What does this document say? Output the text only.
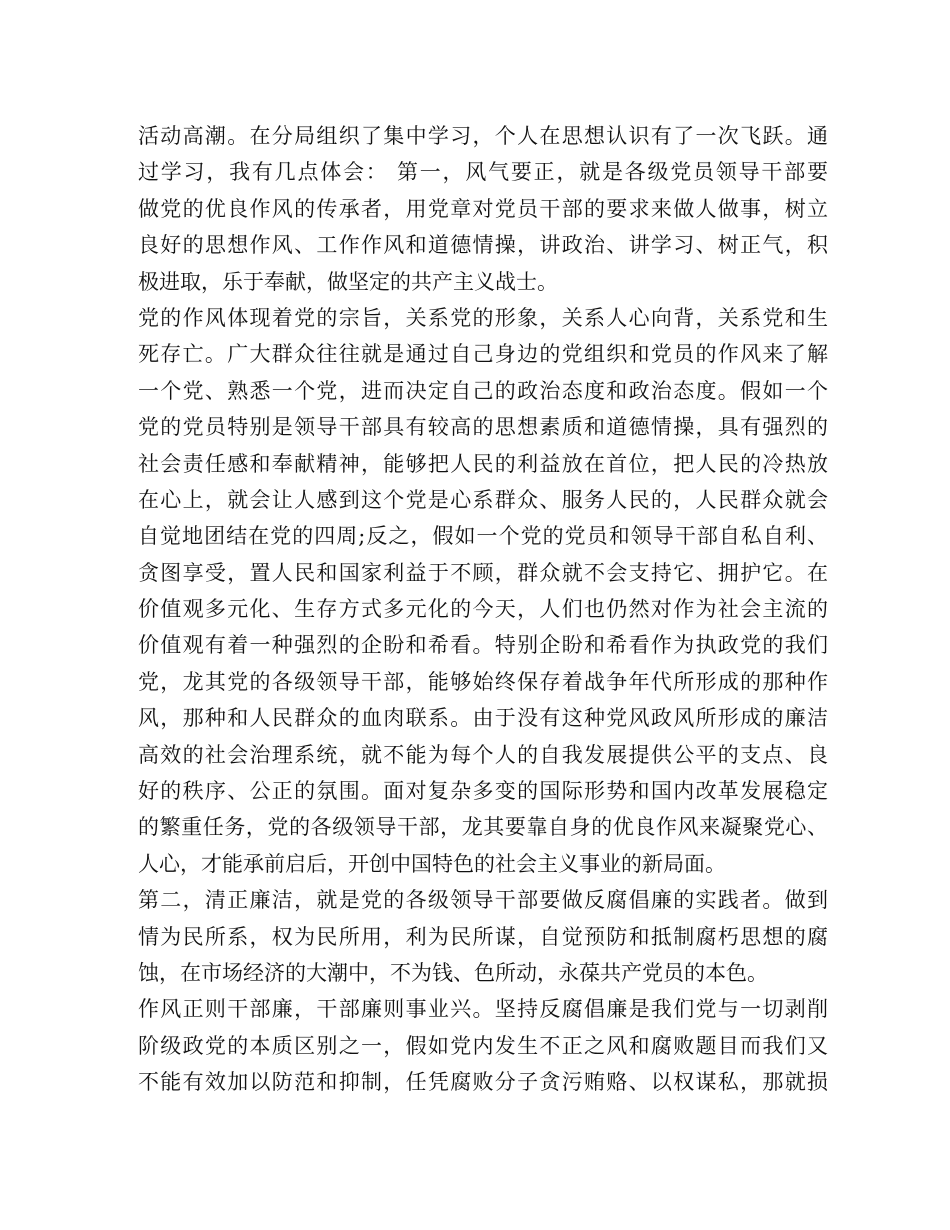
活动高潮。在分局组织了集中学习，个人在思想认识有了一次飞跃。通
过学习，我有几点体会： 第一，风气要正，就是各级党员领导干部要
做党的优良作风的传承者，用党章对党员干部的要求来做人做事，树立
良好的思想作风、工作作风和道德情操，讲政治、讲学习、树正气，积
极进取，乐于奉献，做坚定的共产主义战士。
党的作风体现着党的宗旨，关系党的形象，关系人心向背，关系党和生
死存亡。广大群众往往就是通过自己身边的党组织和党员的作风来了解
一个党、熟悉一个党，进而决定自己的政治态度和政治态度。假如一个
党的党员特别是领导干部具有较高的思想素质和道德情操，具有强烈的
社会责任感和奉献精神，能够把人民的利益放在首位，把人民的冷热放
在心上，就会让人感到这个党是心系群众、服务人民的，人民群众就会
自觉地团结在党的四周;反之，假如一个党的党员和领导干部自私自利、
贪图享受，置人民和国家利益于不顾，群众就不会支持它、拥护它。在
价值观多元化、生存方式多元化的今天，人们也仍然对作为社会主流的
价值观有着一种强烈的企盼和希看。特别企盼和希看作为执政党的我们
党，龙其党的各级领导干部，能够始终保存着战争年代所形成的那种作
风，那种和人民群众的血肉联系。由于没有这种党风政风所形成的廉洁
高效的社会治理系统，就不能为每个人的自我发展提供公平的支点、良
好的秩序、公正的氛围。面对复杂多变的国际形势和国内改革发展稳定
的繁重任务，党的各级领导干部，龙其要靠自身的优良作风来凝聚党心、
人心，才能承前启后，开创中国特色的社会主义事业的新局面。
第二，清正廉洁，就是党的各级领导干部要做反腐倡廉的实践者。做到
情为民所系，权为民所用，利为民所谋，自觉预防和抵制腐朽思想的腐
蚀，在市场经济的大潮中，不为钱、色所动，永葆共产党员的本色。
作风正则干部廉，干部廉则事业兴。坚持反腐倡廉是我们党与一切剥削
阶级政党的本质区别之一，假如党内发生不正之风和腐败题目而我们又
不能有效加以防范和抑制，任凭腐败分子贪污贿赂、以权谋私，那就损
